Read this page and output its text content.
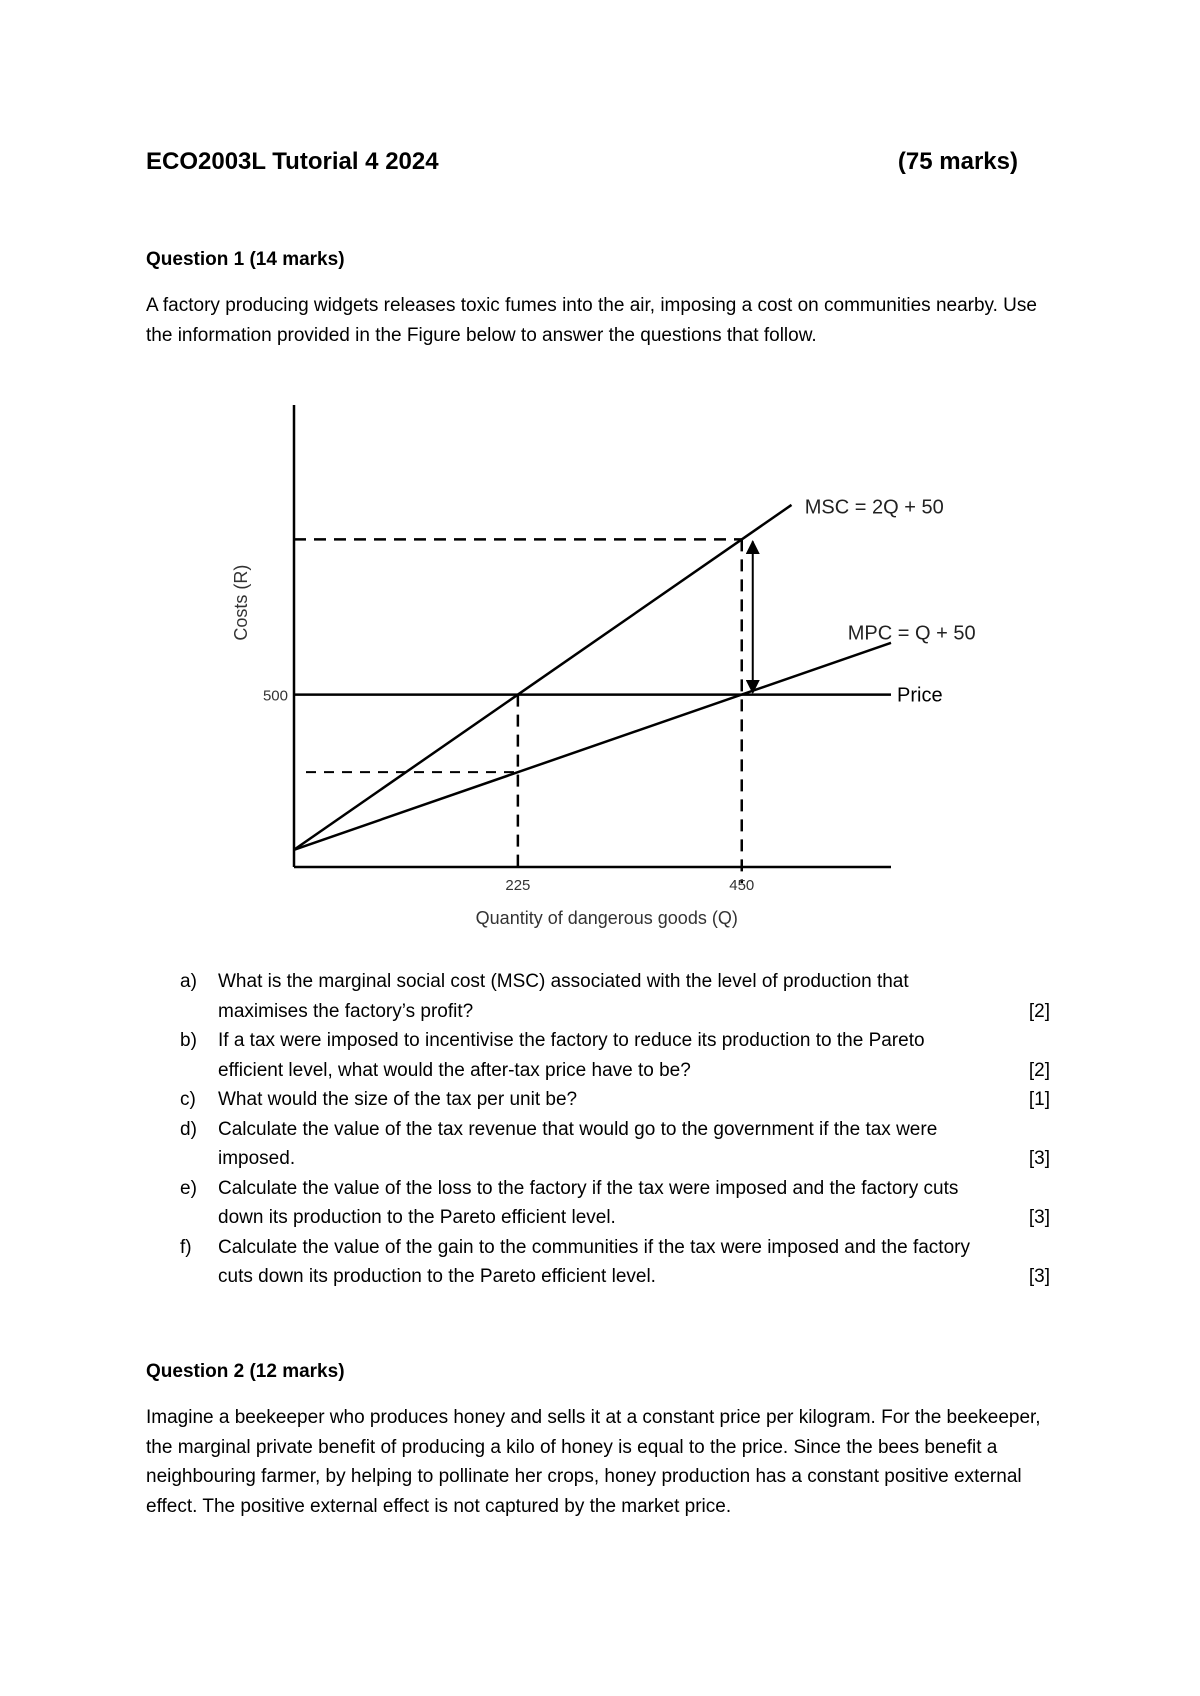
ECO2003L Tutorial 4 2024	(75 marks)
Question 1 (14 marks)
A factory producing widgets releases toxic fumes into the air, imposing a cost on communities nearby. Use the information provided in the Figure below to answer the questions that follow.
Price
225	450
500
Quantity of dangerous goods (Q)
Costs (R)
MSC = 2Q + 50
MPC = Q + 50
a) What is the marginal social cost (MSC) associated with the level of production that maximises the factory’s profit?	[2]
b) If a tax were imposed to incentivise the factory to reduce its production to the Pareto efficient level, what would the after-tax price have to be?	[2]
c) What would the size of the tax per unit be?	[1]
d) Calculate the value of the tax revenue that would go to the government if the tax were imposed.	[3]
e) Calculate the value of the loss to the factory if the tax were imposed and the factory cuts down its production to the Pareto efficient level.	[3]
f) Calculate the value of the gain to the communities if the tax were imposed and the factory cuts down its production to the Pareto efficient level.	[3]
Question 2 (12 marks)
Imagine a beekeeper who produces honey and sells it at a constant price per kilogram. For the beekeeper, the marginal private benefit of producing a kilo of honey is equal to the price. Since the bees benefit a neighbouring farmer, by helping to pollinate her crops, honey production has a constant positive external effect. The positive external effect is not captured by the market price.
